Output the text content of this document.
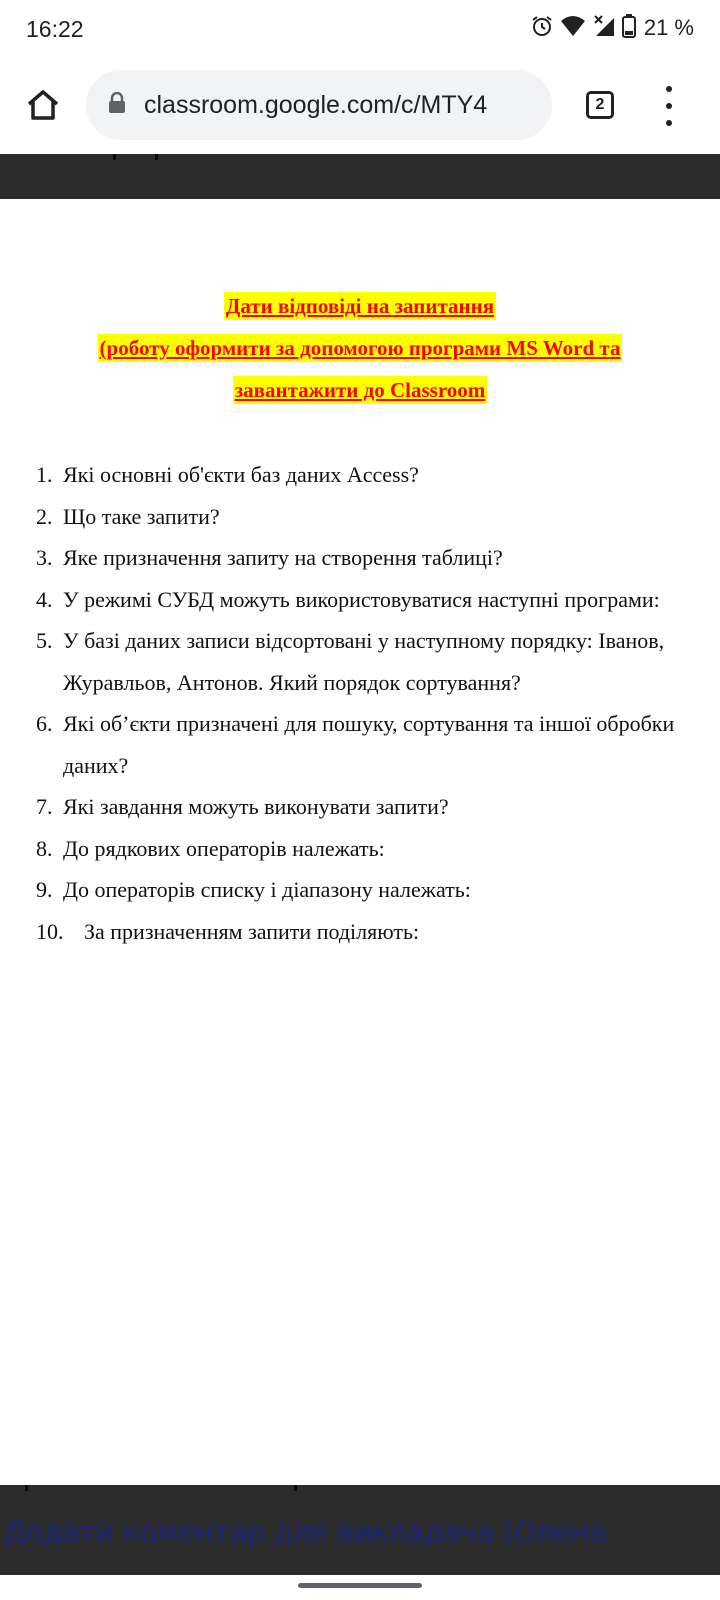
16:22	21 %
classroom.google.com/c/MTY4	2
Дати відповіді на запитання
(роботу оформити за допомогою програми MS Word та
завантажити до Classroom
1. Які основні об'єкти баз даних Access?
2. Що таке запити?
3. Яке призначення запиту на створення таблиці?
4. У режимі СУБД можуть використовуватися наступні програми:
5. У базі даних записи відсортовані у наступному порядку: Іванов, Журавльов, Антонов. Який порядок сортування?
6. Які об’єкти призначені для пошуку, сортування та іншої обробки даних?
7. Які завдання можуть виконувати запити?
8. До рядкових операторів належать:
9. До операторів списку і діапазону належать:
10. За призначенням запити поділяють:
Додати коментар для викладача (Олена
